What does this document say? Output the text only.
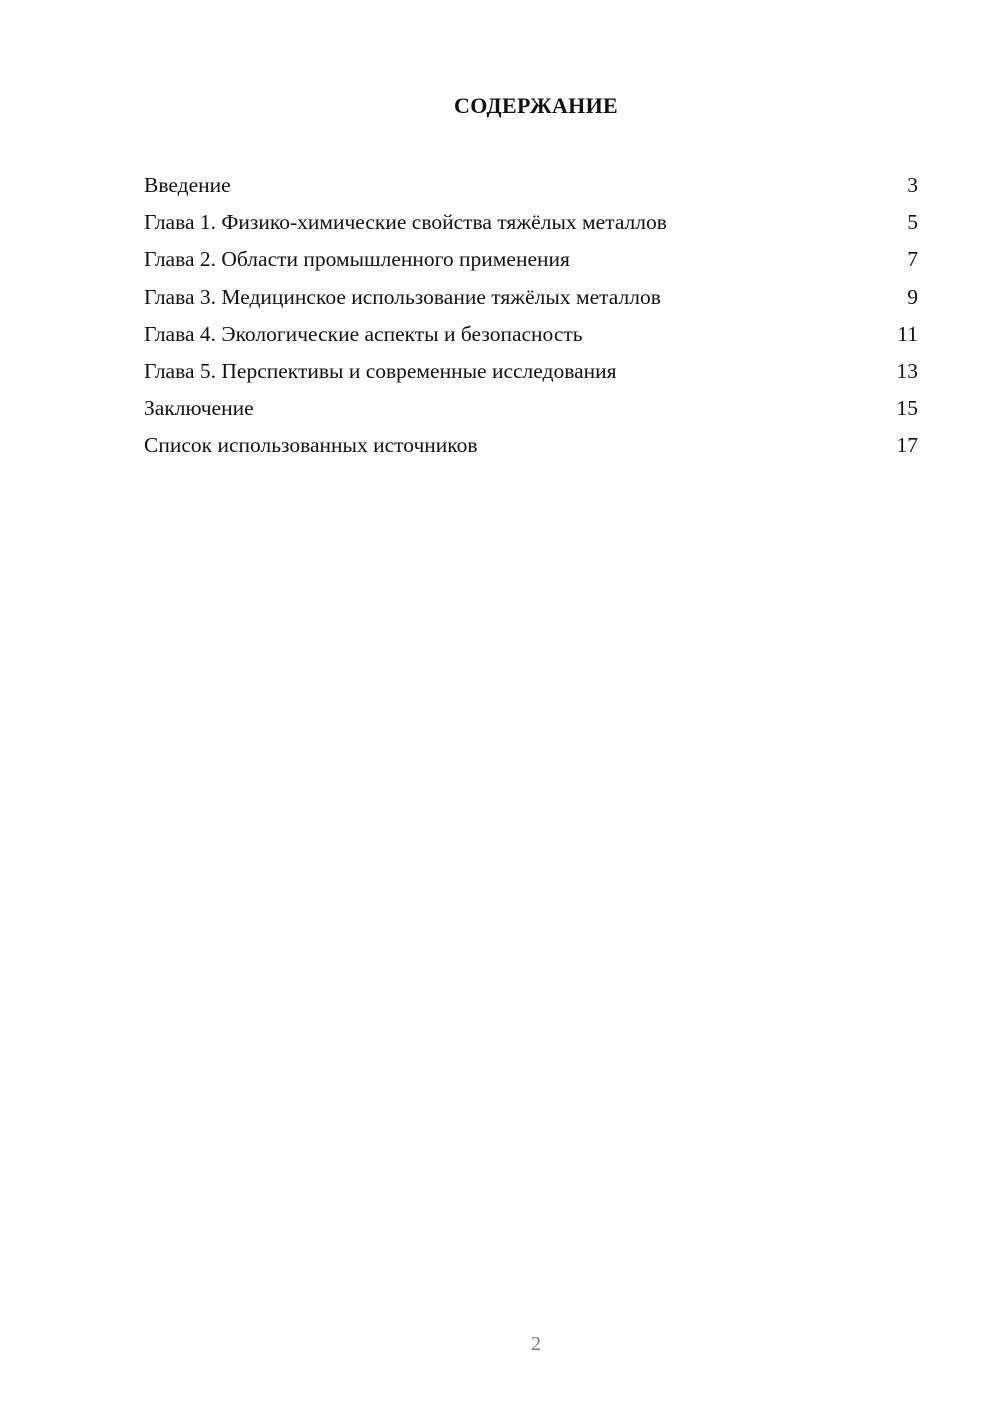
СОДЕРЖАНИЕ
Введение	3
Глава 1. Физико-химические свойства тяжёлых металлов	5
Глава 2. Области промышленного применения	7
Глава 3. Медицинское использование тяжёлых металлов	9
Глава 4. Экологические аспекты и безопасность	11
Глава 5. Перспективы и современные исследования	13
Заключение	15
Список использованных источников	17
2
